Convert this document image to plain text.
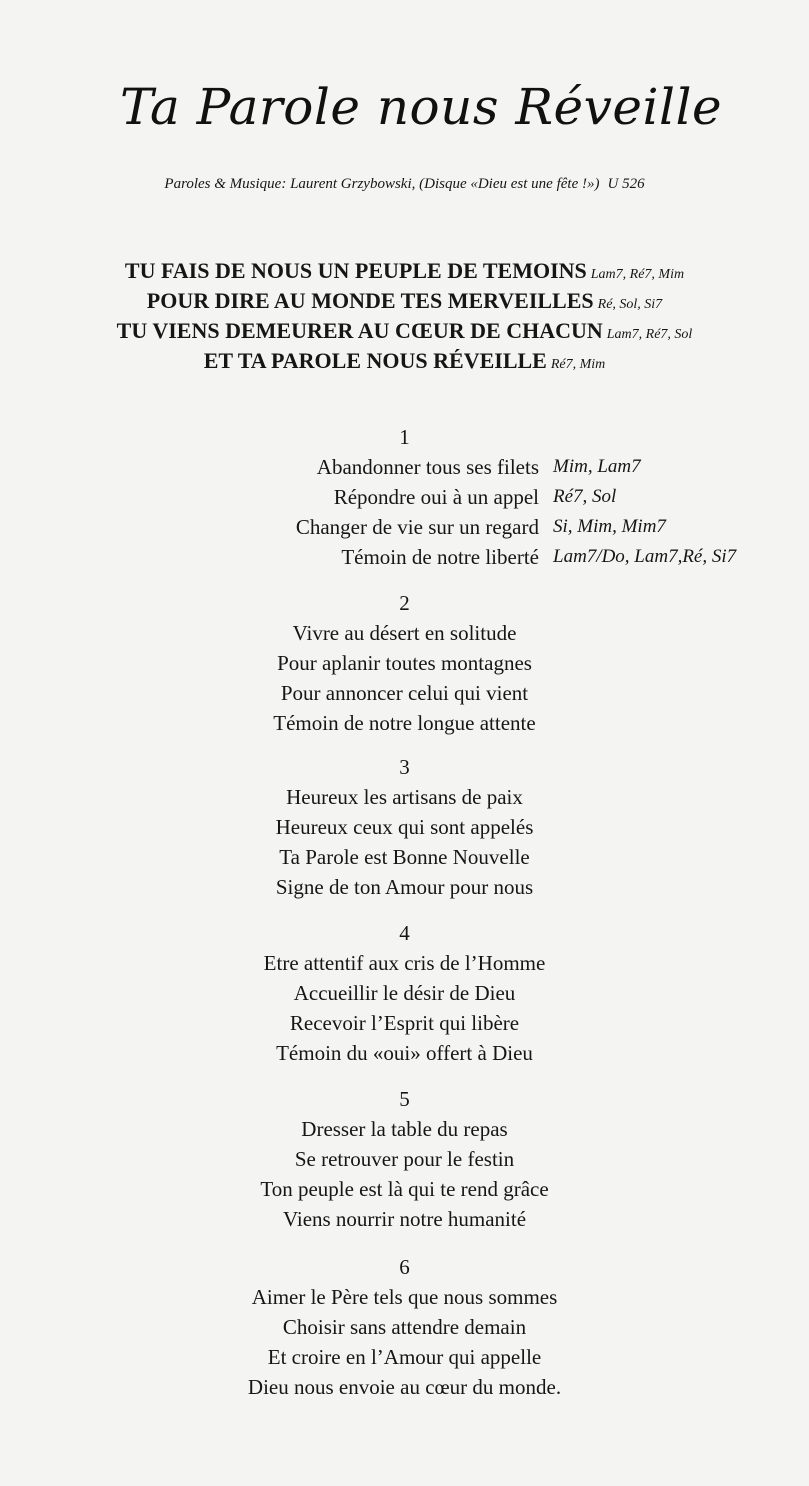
Ta Parole nous Réveille
Paroles & Musique: Laurent Grzybowski, (Disque «Dieu est une fête !») U 526
TU FAIS DE NOUS UN PEUPLE DE TEMOINS Lam7, Ré7, Mim
POUR DIRE AU MONDE TES MERVEILLES Ré, Sol, Si7
TU VIENS DEMEURER AU CŒUR DE CHACUN Lam7, Ré7, Sol
ET TA PAROLE NOUS RÉVEILLE Ré7, Mim
1
Abandonner tous ses filets Mim, Lam7
Répondre oui à un appel Ré7, Sol
Changer de vie sur un regard Si, Mim, Mim7
Témoin de notre liberté Lam7/Do, Lam7,Ré, Si7
2
Vivre au désert en solitude
Pour aplanir toutes montagnes
Pour annoncer celui qui vient
Témoin de notre longue attente
3
Heureux les artisans de paix
Heureux ceux qui sont appelés
Ta Parole est Bonne Nouvelle
Signe de ton Amour pour nous
4
Etre attentif aux cris de l’Homme
Accueillir le désir de Dieu
Recevoir l’Esprit qui libère
Témoin du «oui» offert à Dieu
5
Dresser la table du repas
Se retrouver pour le festin
Ton peuple est là qui te rend grâce
Viens nourrir notre humanité
6
Aimer le Père tels que nous sommes
Choisir sans attendre demain
Et croire en l’Amour qui appelle
Dieu nous envoie au cœur du monde.
